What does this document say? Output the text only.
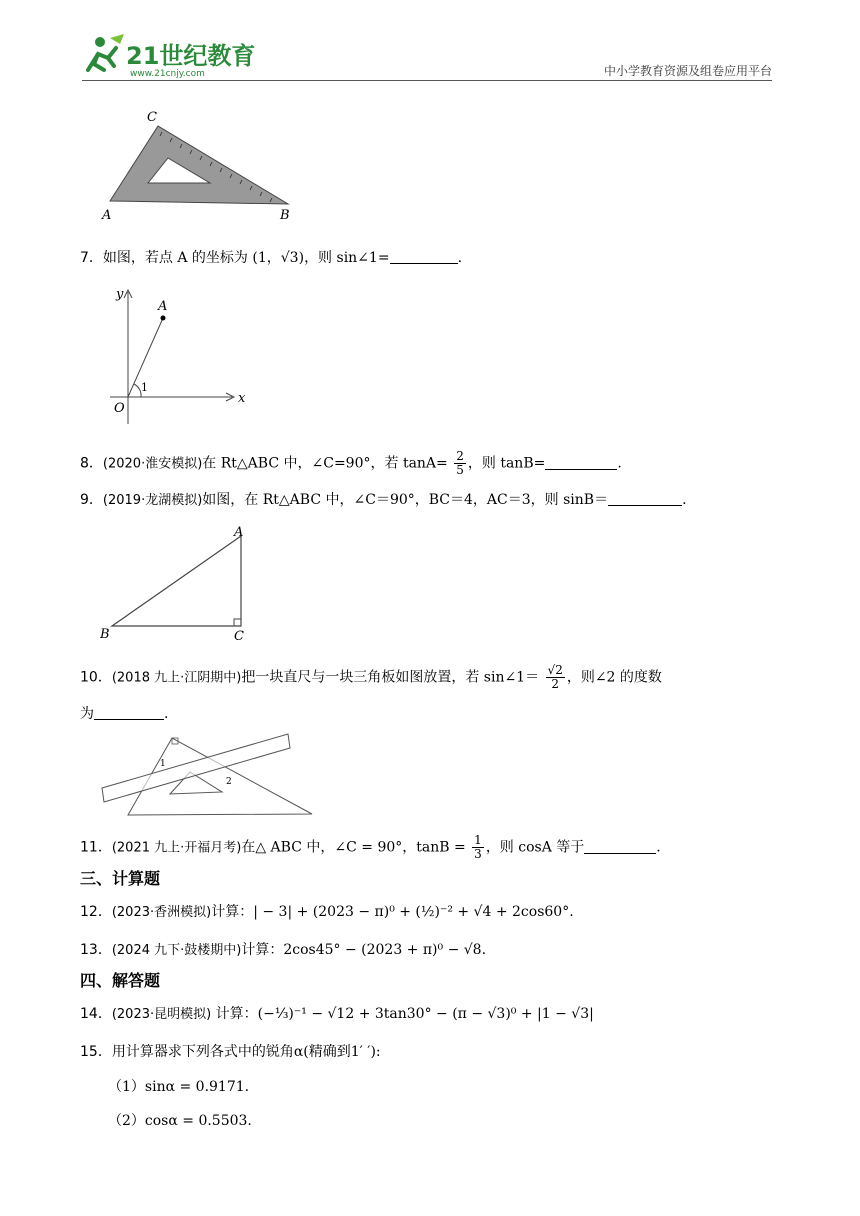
21世纪教育
www.21cnjy.com	中小学教育资源及组卷应用平台
A	B
C
7．如图，若点 A 的坐标为 (1，√3)，则 sin∠1=	.
y
A
x
O
1
8．(2020·淮安模拟)在 Rt△ABC 中，∠C=90°，若 $\tan A= \frac{2}{5}$ ，则 tanB=	.
9．(2019·龙湖模拟)如图，在 Rt△ABC 中，∠C＝90°，BC＝4，AC＝3，则 sinB＝	.
A
B	C
10．(2018 九上·江阴期中)把一块直尺与一块三角板如图放置，若 sin∠1＝ $\frac{√2}{2}$ ，则∠2 的度数
为	.
1
2
11．(2021 九上·开福月考)在△ ABC 中，∠C = 90°，$\tan B = \frac{1}{3}$ ，则 cosA 等于	.
三、计算题
12．(2023·香洲模拟)计算：| − 3| + (2023 − π)⁰ + (½)⁻² + √4 + 2cos60°.
13．(2024 九下·鼓楼期中)计算：2cos45° − (2023 + π)⁰ − √8.
四、解答题
14．(2023·昆明模拟) 计算：(−⅓)⁻¹ − √12 + 3tan30° − (π − √3)⁰ + |1 − √3|
15．用计算器求下列各式中的锐角α(精确到1′ ′):
（1）sinα = 0.9171.
（2）cosα = 0.5503.
